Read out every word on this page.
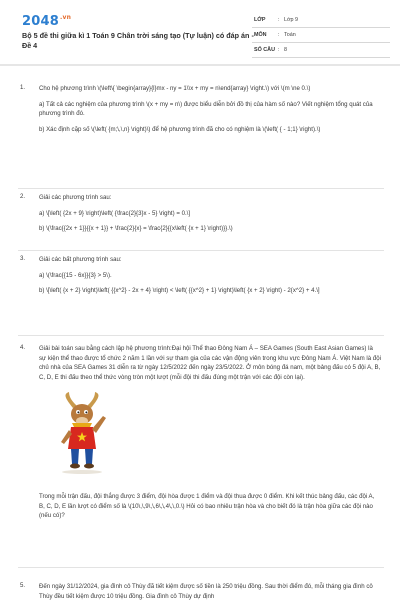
$2048^{.vn}$
Bộ 5 đề thi giữa kì 1 Toán 9 Chân trời sáng tạo (Tự luận) có đáp án - Đề 4
LỚP : Lớp 9
MÔN : Toán
SỐ CÂU : 8
1. Cho hệ phương trình \(\left\{ \begin{array}{l}mx - ny = 1\\x + my = n\end{array} \right.\) với \(m \ne 0.\)

a) Tất cả các nghiệm của phương trình \(x + my = n\) được biểu diễn bởi đồ thị của hàm số nào? Viết nghiệm tổng quát của phương trình đó.

b) Xác định cặp số \(\left( {m;\,\,n} \right)\) để hệ phương trình đã cho có nghiệm là \(\left( { - 1;1} \right).\)

2. Giải các phương trình sau:

a) \[\left( {2x + 9} \right)\left( {\frac{2}{3}x - 5} \right) = 0.\]

b) \(\frac{{2x + 1}}{{x + 1}} + \frac{2}{x} = \frac{2}{{x\left( {x + 1} \right)}}.\)

3. Giải các bất phương trình sau:

a) \(\frac{{15 - 6x}}{3} > 5\).

b) \[\left( {x + 2} \right)\left( {{x^2} - 2x + 4} \right) < \left( {{x^2} + 1} \right)\left( {x + 2} \right) - 2{x^2} + 4.\]

4. Giải bài toán sau bằng cách lập hệ phương trình:Đại hội Thể thao Đông Nam Á – SEA Games (South East Asian Games) là sự kiện thể thao được tổ chức 2 năm 1 lần với sự tham gia của các vận động viên trong khu vực Đông Nam Á. Việt Nam là đội chủ nhà của SEA Games 31 diễn ra từ ngày 12/5/2022 đến ngày 23/5/2022. Ở môn bóng đá nam, một bảng đấu có 5 đội A, B, C, D, E thi đấu theo thể thức vòng tròn một lượt (mỗi đội thi đấu đúng một trận với các đội còn lại).

Trong mỗi trận đấu, đội thắng được 3 điểm, đội hòa được 1 điểm và đội thua được 0 điểm. Khi kết thúc bảng đấu, các đội A, B, C, D, E lần lượt có điểm số là \(10\,\,9\,\,6\,\,4\,\,0.\) Hỏi có bao nhiêu trận hòa và cho biết đó là trận hòa giữa các đội nào (nếu có)?

5. Đến ngày 31/12/2024, gia đình cô Thùy đã tiết kiệm được số tiền là 250 triệu đồng. Sau thời điểm đó, mỗi tháng gia đình cô Thùy đều tiết kiệm được 10 triệu đồng. Gia đình cô Thùy dự định
